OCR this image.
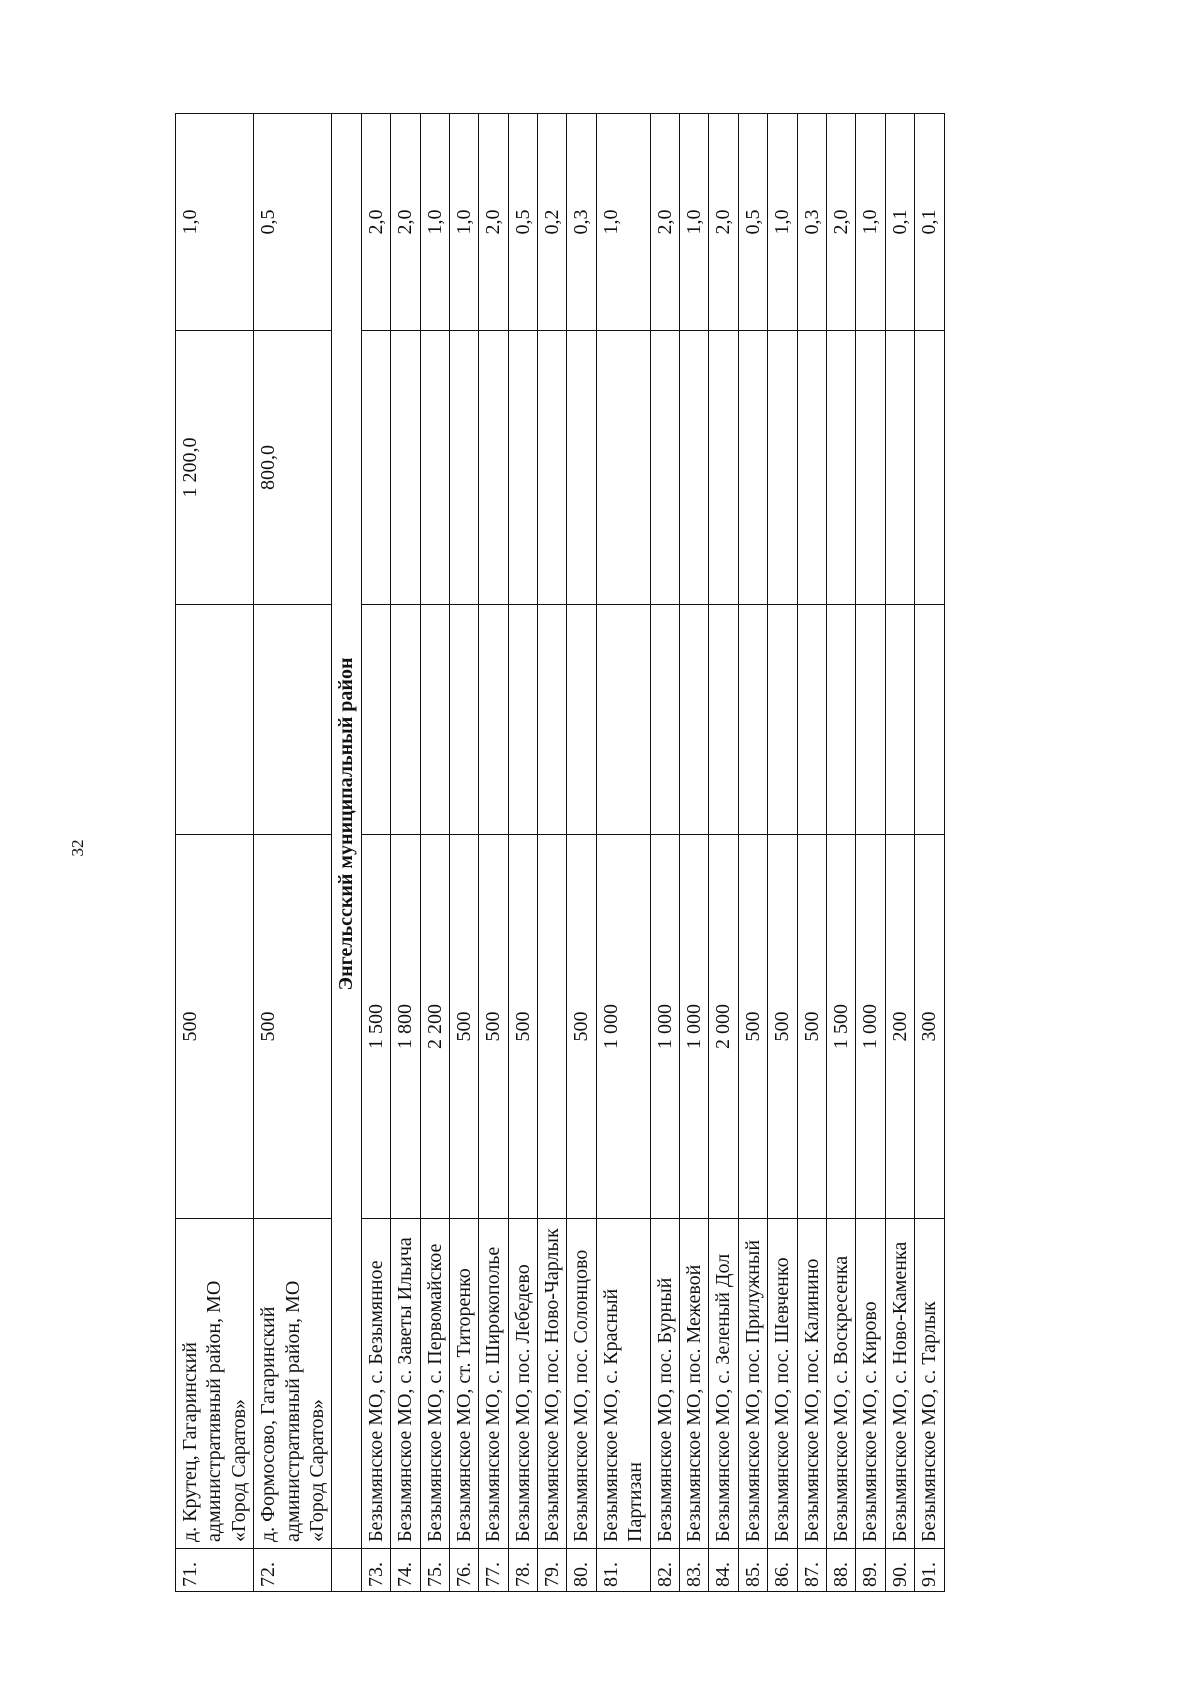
32
71.	д. Крутец, Гагаринский административный район, МО «Город Саратов»	500		1 200,0	1,0
72.	д. Формосово, Гагаринский административный район, МО «Город Саратов»	500		800,0	0,5
	Энгельсский муниципальный район				
73.	Безымянское МО, с. Безымянное	1 500			2,0
74.	Безымянское МО, с. Заветы Ильича	1 800			2,0
75.	Безымянское МО, с. Первомайское	2 200			1,0
76.	Безымянское МО, ст. Титоренко	500			1,0
77.	Безымянское МО, с. Широкополье	500			2,0
78.	Безымянское МО, пос. Лебедево	500			0,5
79.	Безымянское МО, пос. Ново-Чарлык				0,2
80.	Безымянское МО, пос. Солонцово	500			0,3
81.	Безымянское МО, с. Красный Партизан	1 000			1,0
82.	Безымянское МО, пос. Бурный	1 000			2,0
83.	Безымянское МО, пос. Межевой	1 000			1,0
84.	Безымянское МО, с. Зеленый Дол	2 000			2,0
85.	Безымянское МО, пос. Прилужный	500			0,5
86.	Безымянское МО, пос. Шевченко	500			1,0
87.	Безымянское МО, пос. Калинино	500			0,3
88.	Безымянское МО, с. Воскресенка	1 500			2,0
89.	Безымянское МО, с. Кирово	1 000			1,0
90.	Безымянское МО, с. Ново-Каменка	200			0,1
91.	Безымянское МО, с. Тарлык	300			0,1
